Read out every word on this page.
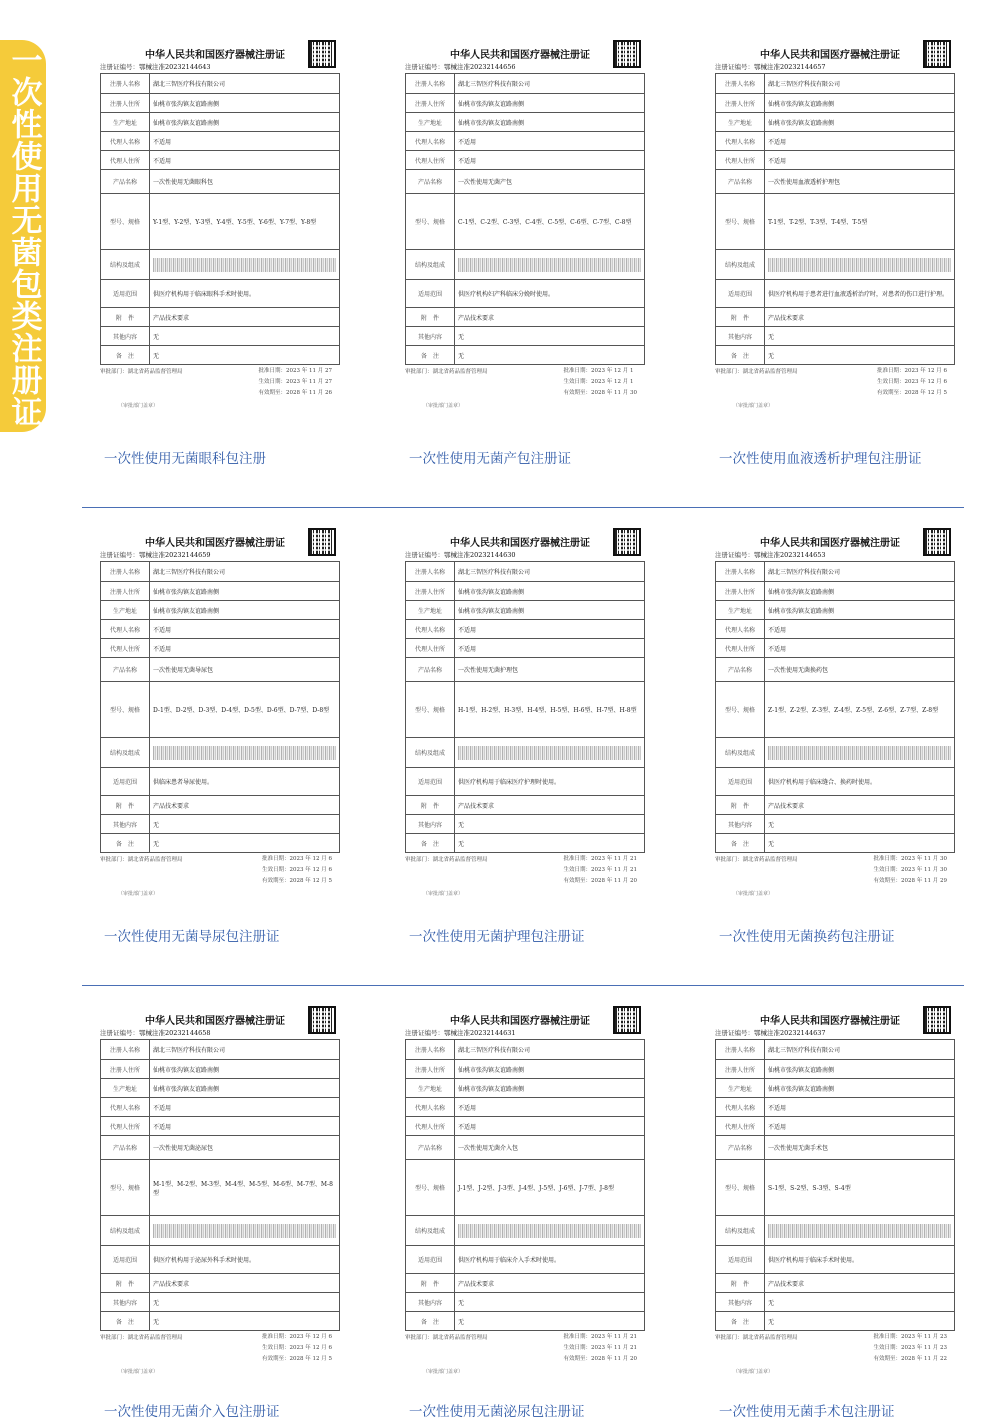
一次性使用无菌包类注册证	中华人民共和国医疗器械注册证
注册证编号：鄂械注准20232144643
注册人名称	湖北三智医疗科技有限公司
注册人住所	仙桃市张沟镇友谊路南侧
生产地址	仙桃市张沟镇友谊路南侧
代理人名称	不适用
代理人住所	不适用
产品名称	一次性使用无菌眼科包
型号、规格	Y-1型、Y-2型、Y-3型、Y-4型、Y-5型、Y-6型、Y-7型、Y-8型
结构及组成	

适用范围	供医疗机构用于临床眼科手术时使用。
附　件	产品技术要求
其他内容	无
备　注	无
审批部门：湖北省药品监督管理局	批准日期：2023 年 11 月 27
生效日期：2023 年 11 月 27
有效期至：2028 年 11 月 26
（审批部门盖章）
一次性使用无菌眼科包注册
中华人民共和国医疗器械注册证
注册证编号：鄂械注准20232144656
注册人名称	湖北三智医疗科技有限公司
注册人住所	仙桃市张沟镇友谊路南侧
生产地址	仙桃市张沟镇友谊路南侧
代理人名称	不适用
代理人住所	不适用
产品名称	一次性使用无菌产包
型号、规格	C-1型、C-2型、C-3型、C-4型、C-5型、C-6型、C-7型、C-8型
结构及组成	

适用范围	供医疗机构妇产科临床分娩时使用。
附　件	产品技术要求
其他内容	无
备　注	无
审批部门：湖北省药品监督管理局	批准日期：2023 年 12 月 1
生效日期：2023 年 12 月 1
有效期至：2028 年 11 月 30
（审批部门盖章）
一次性使用无菌产包注册证
中华人民共和国医疗器械注册证
注册证编号：鄂械注准20232144657
注册人名称	湖北三智医疗科技有限公司
注册人住所	仙桃市张沟镇友谊路南侧
生产地址	仙桃市张沟镇友谊路南侧
代理人名称	不适用
代理人住所	不适用
产品名称	一次性使用血液透析护理包
型号、规格	T-1型、T-2型、T-3型、T-4型、T-5型
结构及组成	

适用范围	供医疗机构用于患者进行血液透析治疗时，对患者的伤口进行护理。
附　件	产品技术要求
其他内容	无
备　注	无
审批部门：湖北省药品监督管理局	批准日期：2023 年 12 月 6
生效日期：2023 年 12 月 6
有效期至：2028 年 12 月 5
（审批部门盖章）
一次性使用血液透析护理包注册证
中华人民共和国医疗器械注册证
注册证编号：鄂械注准20232144659
注册人名称	湖北三智医疗科技有限公司
注册人住所	仙桃市张沟镇友谊路南侧
生产地址	仙桃市张沟镇友谊路南侧
代理人名称	不适用
代理人住所	不适用
产品名称	一次性使用无菌导尿包
型号、规格	D-1型、D-2型、D-3型、D-4型、D-5型、D-6型、D-7型、D-8型
结构及组成	

适用范围	供临床患者导尿使用。
附　件	产品技术要求
其他内容	无
备　注	无
审批部门：湖北省药品监督管理局	批准日期：2023 年 12 月 6
生效日期：2023 年 12 月 6
有效期至：2028 年 12 月 5
（审批部门盖章）
一次性使用无菌导尿包注册证
中华人民共和国医疗器械注册证
注册证编号：鄂械注准20232144630
注册人名称	湖北三智医疗科技有限公司
注册人住所	仙桃市张沟镇友谊路南侧
生产地址	仙桃市张沟镇友谊路南侧
代理人名称	不适用
代理人住所	不适用
产品名称	一次性使用无菌护理包
型号、规格	H-1型、H-2型、H-3型、H-4型、H-5型、H-6型、H-7型、H-8型
结构及组成	

适用范围	供医疗机构用于临床医疗护理时使用。
附　件	产品技术要求
其他内容	无
备　注	无
审批部门：湖北省药品监督管理局	批准日期：2023 年 11 月 21
生效日期：2023 年 11 月 21
有效期至：2028 年 11 月 20
（审批部门盖章）
一次性使用无菌护理包注册证
中华人民共和国医疗器械注册证
注册证编号：鄂械注准20232144653
注册人名称	湖北三智医疗科技有限公司
注册人住所	仙桃市张沟镇友谊路南侧
生产地址	仙桃市张沟镇友谊路南侧
代理人名称	不适用
代理人住所	不适用
产品名称	一次性使用无菌换药包
型号、规格	Z-1型、Z-2型、Z-3型、Z-4型、Z-5型、Z-6型、Z-7型、Z-8型
结构及组成	

适用范围	供医疗机构用于临床缝合、换药时使用。
附　件	产品技术要求
其他内容	无
备　注	无
审批部门：湖北省药品监督管理局	批准日期：2023 年 11 月 30
生效日期：2023 年 11 月 30
有效期至：2028 年 11 月 29
（审批部门盖章）
一次性使用无菌换药包注册证
中华人民共和国医疗器械注册证
注册证编号：鄂械注准20232144658
注册人名称	湖北三智医疗科技有限公司
注册人住所	仙桃市张沟镇友谊路南侧
生产地址	仙桃市张沟镇友谊路南侧
代理人名称	不适用
代理人住所	不适用
产品名称	一次性使用无菌泌尿包
型号、规格	M-1型、M-2型、M-3型、M-4型、M-5型、M-6型、M-7型、M-8型
结构及组成	

适用范围	供医疗机构用于泌尿外科手术时使用。
附　件	产品技术要求
其他内容	无
备　注	无
审批部门：湖北省药品监督管理局	批准日期：2023 年 12 月 6
生效日期：2023 年 12 月 6
有效期至：2028 年 12 月 5
（审批部门盖章）
一次性使用无菌介入包注册证
中华人民共和国医疗器械注册证
注册证编号：鄂械注准20232144631
注册人名称	湖北三智医疗科技有限公司
注册人住所	仙桃市张沟镇友谊路南侧
生产地址	仙桃市张沟镇友谊路南侧
代理人名称	不适用
代理人住所	不适用
产品名称	一次性使用无菌介入包
型号、规格	J-1型、J-2型、J-3型、J-4型、J-5型、J-6型、J-7型、J-8型
结构及组成	

适用范围	供医疗机构用于临床介入手术时使用。
附　件	产品技术要求
其他内容	无
备　注	无
审批部门：湖北省药品监督管理局	批准日期：2023 年 11 月 21
生效日期：2023 年 11 月 21
有效期至：2028 年 11 月 20
（审批部门盖章）
一次性使用无菌泌尿包注册证
中华人民共和国医疗器械注册证
注册证编号：鄂械注准20232144637
注册人名称	湖北三智医疗科技有限公司
注册人住所	仙桃市张沟镇友谊路南侧
生产地址	仙桃市张沟镇友谊路南侧
代理人名称	不适用
代理人住所	不适用
产品名称	一次性使用无菌手术包
型号、规格	S-1型、S-2型、S-3型、S-4型
结构及组成	

适用范围	供医疗机构用于临床手术时使用。
附　件	产品技术要求
其他内容	无
备　注	无
审批部门：湖北省药品监督管理局	批准日期：2023 年 11 月 23
生效日期：2023 年 11 月 23
有效期至：2028 年 11 月 22
（审批部门盖章）
一次性使用无菌手术包注册证
